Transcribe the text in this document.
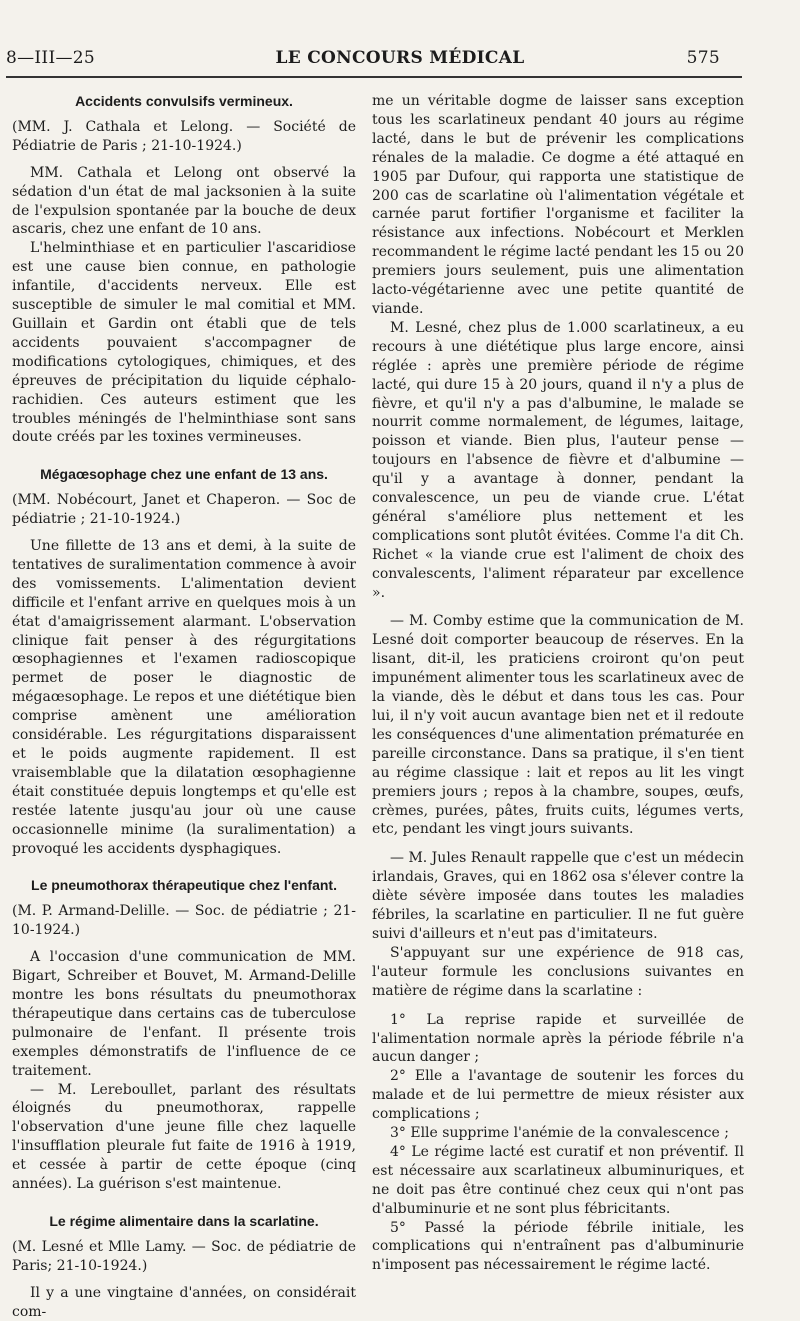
8—III—25	LE CONCOURS MÉDICAL	575

Accidents convulsifs vermineux.

(MM. J. Cathala et Lelong. — Société de Pédiatrie de Paris ; 21-10-1924.)

MM. Cathala et Lelong ont observé la sédation d'un état de mal jacksonien à la suite de l'expulsion spontanée par la bouche de deux ascaris, chez une enfant de 10 ans.

L'helminthiase et en particulier l'ascaridiose est une cause bien connue, en pathologie infantile, d'accidents nerveux. Elle est susceptible de simuler le mal comitial et MM. Guillain et Gardin ont établi que de tels accidents pouvaient s'accompagner de modifications cytologiques, chimiques, et des épreuves de précipitation du liquide céphalo-rachidien. Ces auteurs estiment que les troubles méningés de l'helminthiase sont sans doute créés par les toxines vermineuses.

Mégaœsophage chez une enfant de 13 ans.

(MM. Nobécourt, Janet et Chaperon. — Soc de pédiatrie ; 21-10-1924.)

Une fillette de 13 ans et demi, à la suite de tentatives de suralimentation commence à avoir des vomissements. L'alimentation devient difficile et l'enfant arrive en quelques mois à un état d'amaigrissement alarmant. L'observation clinique fait penser à des régurgitations œsophagiennes et l'examen radioscopique permet de poser le diagnostic de mégaœsophage. Le repos et une diététique bien comprise amènent une amélioration considérable. Les régurgitations disparaissent et le poids augmente rapidement. Il est vraisemblable que la dilatation œsophagienne était constituée depuis longtemps et qu'elle est restée latente jusqu'au jour où une cause occasionnelle minime (la suralimentation) a provoqué les accidents dysphagiques.

Le pneumothorax thérapeutique chez l'enfant.

(M. P. Armand-Delille. — Soc. de pédiatrie ; 21-10-1924.)

A l'occasion d'une communication de MM. Bigart, Schreiber et Bouvet, M. Armand-Delille montre les bons résultats du pneumothorax thérapeutique dans certains cas de tuberculose pulmonaire de l'enfant. Il présente trois exemples démonstratifs de l'influence de ce traitement.

— M. Lereboullet, parlant des résultats éloignés du pneumothorax, rappelle l'observation d'une jeune fille chez laquelle l'insufflation pleurale fut faite de 1916 à 1919, et cessée à partir de cette époque (cinq années). La guérison s'est maintenue.

Le régime alimentaire dans la scarlatine.

(M. Lesné et Mlle Lamy. — Soc. de pédiatrie de Paris; 21-10-1924.)

Il y a une vingtaine d'années, on considérait com-

me un véritable dogme de laisser sans exception tous les scarlatineux pendant 40 jours au régime lacté, dans le but de prévenir les complications rénales de la maladie. Ce dogme a été attaqué en 1905 par Dufour, qui rapporta une statistique de 200 cas de scarlatine où l'alimentation végétale et carnée parut fortifier l'organisme et faciliter la résistance aux infections. Nobécourt et Merklen recommandent le régime lacté pendant les 15 ou 20 premiers jours seulement, puis une alimentation lacto-végétarienne avec une petite quantité de viande.

M. Lesné, chez plus de 1.000 scarlatineux, a eu recours à une diététique plus large encore, ainsi réglée : après une première période de régime lacté, qui dure 15 à 20 jours, quand il n'y a plus de fièvre, et qu'il n'y a pas d'albumine, le malade se nourrit comme normalement, de légumes, laitage, poisson et viande. Bien plus, l'auteur pense — toujours en l'absence de fièvre et d'albumine — qu'il y a avantage à donner, pendant la convalescence, un peu de viande crue. L'état général s'améliore plus nettement et les complications sont plutôt évitées. Comme l'a dit Ch. Richet « la viande crue est l'aliment de choix des convalescents, l'aliment réparateur par excellence ».

— M. Comby estime que la communication de M. Lesné doit comporter beaucoup de réserves. En la lisant, dit-il, les praticiens croiront qu'on peut impunément alimenter tous les scarlatineux avec de la viande, dès le début et dans tous les cas. Pour lui, il n'y voit aucun avantage bien net et il redoute les conséquences d'une alimentation prématurée en pareille circonstance. Dans sa pratique, il s'en tient au régime classique : lait et repos au lit les vingt premiers jours ; repos à la chambre, soupes, œufs, crèmes, purées, pâtes, fruits cuits, légumes verts, etc, pendant les vingt jours suivants.

— M. Jules Renault rappelle que c'est un médecin irlandais, Graves, qui en 1862 osa s'élever contre la diète sévère imposée dans toutes les maladies fébriles, la scarlatine en particulier. Il ne fut guère suivi d'ailleurs et n'eut pas d'imitateurs.

S'appuyant sur une expérience de 918 cas, l'auteur formule les conclusions suivantes en matière de régime dans la scarlatine :

1° La reprise rapide et surveillée de l'alimentation normale après la période fébrile n'a aucun danger ;

2° Elle a l'avantage de soutenir les forces du malade et de lui permettre de mieux résister aux complications ;

3° Elle supprime l'anémie de la convalescence ;

4° Le régime lacté est curatif et non préventif. Il est nécessaire aux scarlatineux albuminuriques, et ne doit pas être continué chez ceux qui n'ont pas d'albuminurie et ne sont plus fébricitants.

5° Passé la période fébrile initiale, les complications qui n'entraînent pas d'albuminurie n'imposent pas nécessairement le régime lacté.
